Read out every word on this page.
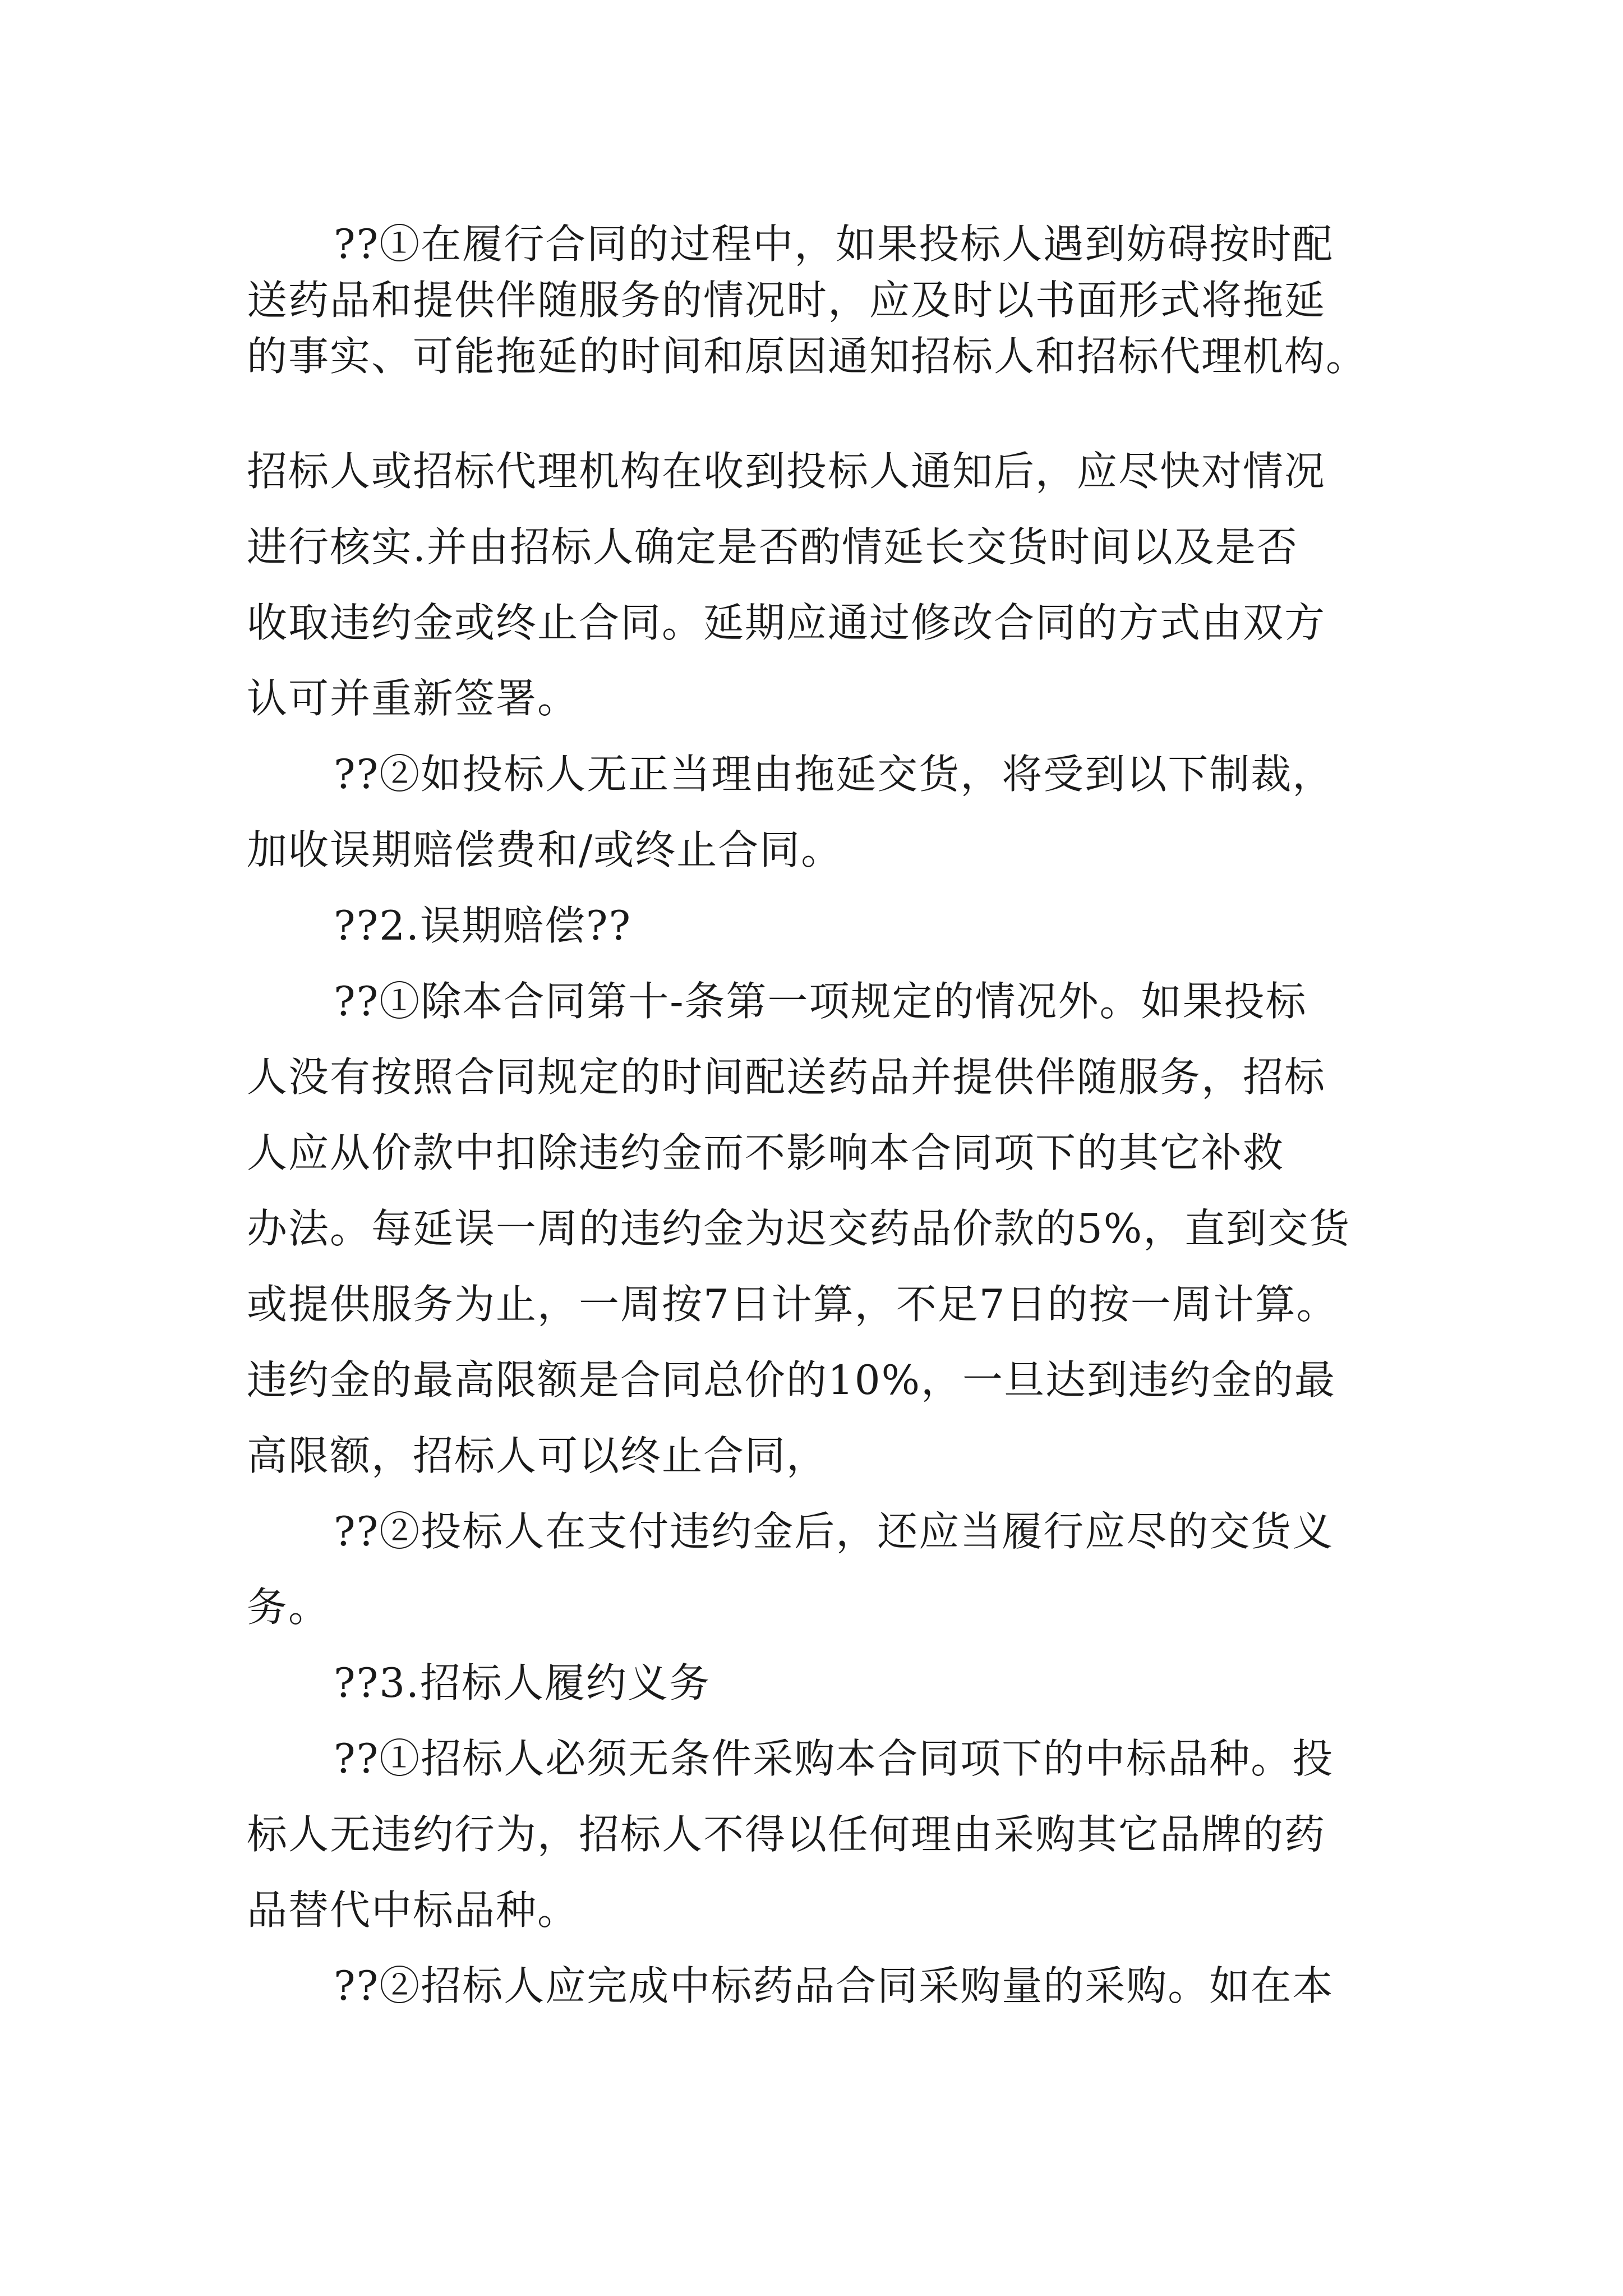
??①在履行合同的过程中，如果投标人遇到妨碍按时配
送药品和提供伴随服务的情况时，应及时以书面形式将拖延
的事实、可能拖延的时间和原因通知招标人和招标代理机构。
招标人或招标代理机构在收到投标人通知后，应尽快对情况
进行核实.并由招标人确定是否酌情延长交货时间以及是否
收取违约金或终止合同。延期应通过修改合同的方式由双方
认可并重新签署。
??②如投标人无正当理由拖延交货，将受到以下制裁，
加收误期赔偿费和/或终止合同。
??2.误期赔偿??
??①除本合同第十-条第一项规定的情况外。如果投标
人没有按照合同规定的时间配送药品并提供伴随服务，招标
人应从价款中扣除违约金而不影响本合同项下的其它补救
办法。每延误一周的违约金为迟交药品价款的5%，直到交货
或提供服务为止，一周按7日计算，不足7日的按一周计算。
违约金的最高限额是合同总价的10%，一旦达到违约金的最
高限额，招标人可以终止合同，
??②投标人在支付违约金后，还应当履行应尽的交货义
务。
??3.招标人履约义务
??①招标人必须无条件采购本合同项下的中标品种。投
标人无违约行为，招标人不得以任何理由采购其它品牌的药
品替代中标品种。
??②招标人应完成中标药品合同采购量的采购。如在本
